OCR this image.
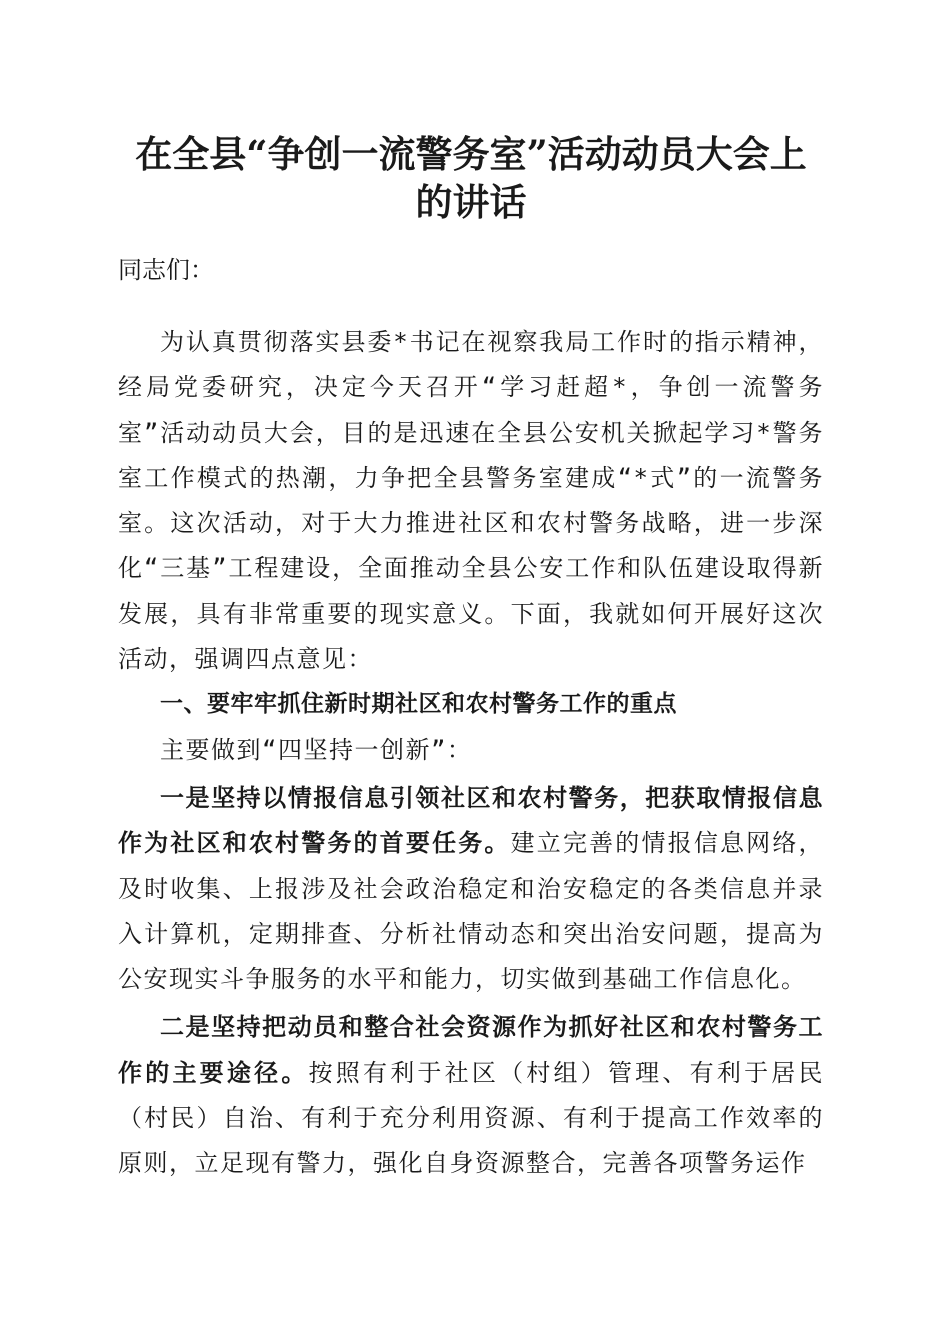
在全县“争创一流警务室”活动动员大会上的讲话

同志们：

为认真贯彻落实县委*书记在视察我局工作时的指示精神，经局党委研究，决定今天召开“学习赶超*，争创一流警务室”活动动员大会，目的是迅速在全县公安机关掀起学习*警务室工作模式的热潮，力争把全县警务室建成“*式”的一流警务室。这次活动，对于大力推进社区和农村警务战略，进一步深化“三基”工程建设，全面推动全县公安工作和队伍建设取得新发展，具有非常重要的现实意义。下面，我就如何开展好这次活动，强调四点意见：

一、要牢牢抓住新时期社区和农村警务工作的重点

主要做到“四坚持一创新”：

一是坚持以情报信息引领社区和农村警务，把获取情报信息作为社区和农村警务的首要任务。建立完善的情报信息网络，及时收集、上报涉及社会政治稳定和治安稳定的各类信息并录入计算机，定期排查、分析社情动态和突出治安问题，提高为公安现实斗争服务的水平和能力，切实做到基础工作信息化。

二是坚持把动员和整合社会资源作为抓好社区和农村警务工作的主要途径。按照有利于社区（村组）管理、有利于居民（村民）自治、有利于充分利用资源、有利于提高工作效率的原则，立足现有警力，强化自身资源整合，完善各项警务运作
